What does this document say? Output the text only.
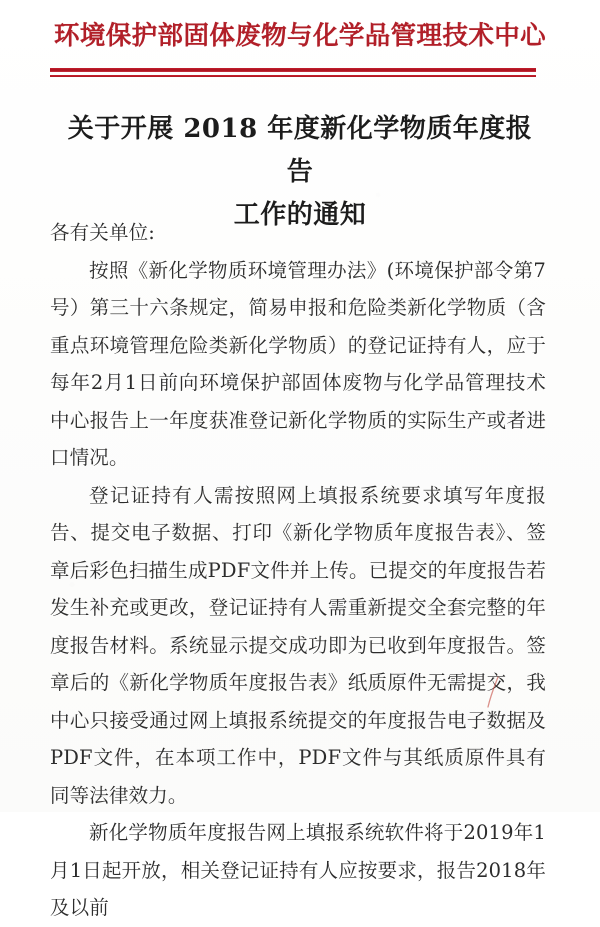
环境保护部固体废物与化学品管理技术中心
关于开展 2018 年度新化学物质年度报告
工作的通知

各有关单位:

按照《新化学物质环境管理办法》(环境保护部令第7号）第三十六条规定，简易申报和危险类新化学物质（含重点环境管理危险类新化学物质）的登记证持有人，应于每年2月1日前向环境保护部固体废物与化学品管理技术中心报告上一年度获准登记新化学物质的实际生产或者进口情况。

登记证持有人需按照网上填报系统要求填写年度报告、提交电子数据、打印《新化学物质年度报告表》、签章后彩色扫描生成PDF文件并上传。已提交的年度报告若发生补充或更改，登记证持有人需重新提交全套完整的年度报告材料。系统显示提交成功即为已收到年度报告。签章后的《新化学物质年度报告表》纸质原件无需提交，我中心只接受通过网上填报系统提交的年度报告电子数据及PDF文件，在本项工作中，PDF文件与其纸质原件具有同等法律效力。

新化学物质年度报告网上填报系统软件将于2019年1月1日起开放，相关登记证持有人应按要求，报告2018年及以前
